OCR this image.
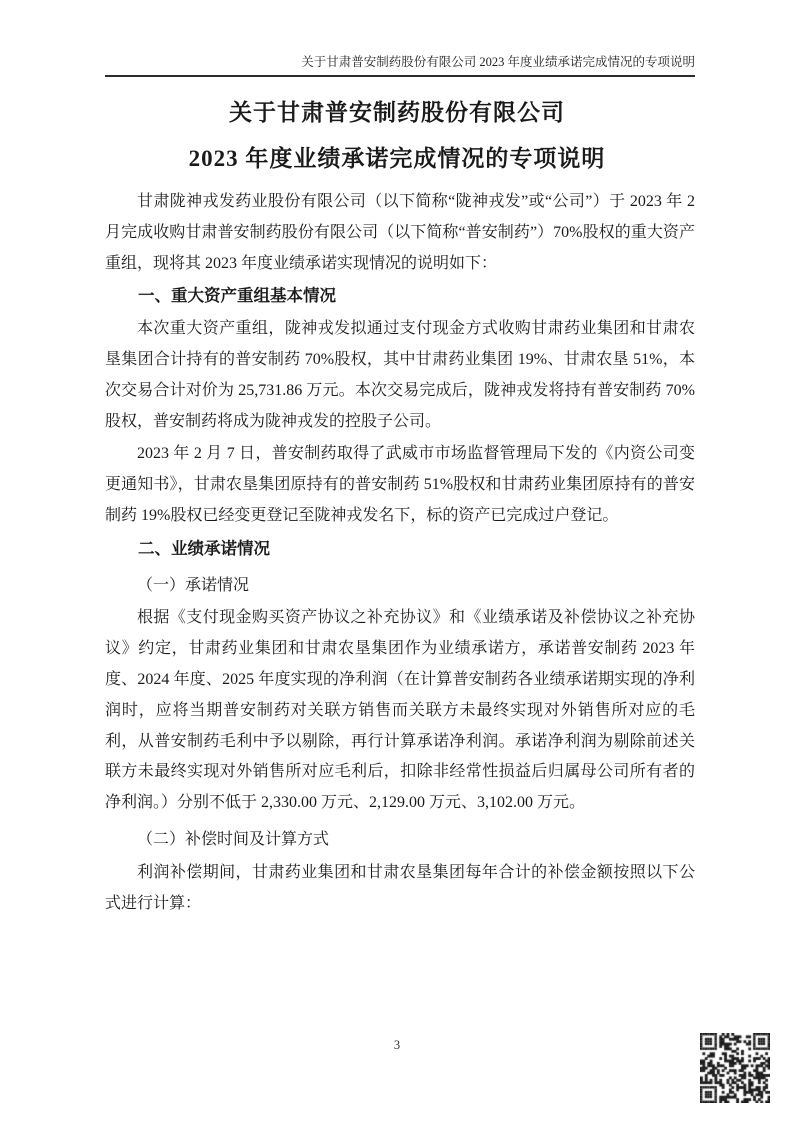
关于甘肃普安制药股份有限公司 2023 年度业绩承诺完成情况的专项说明
关于甘肃普安制药股份有限公司
2023 年度业绩承诺完成情况的专项说明

甘肃陇神戎发药业股份有限公司（以下简称“陇神戎发”或“公司”）于 2023 年 2 月完成收购甘肃普安制药股份有限公司（以下简称“普安制药”）70%股权的重大资产重组，现将其 2023 年度业绩承诺实现情况的说明如下：

一、重大资产重组基本情况

本次重大资产重组，陇神戎发拟通过支付现金方式收购甘肃药业集团和甘肃农垦集团合计持有的普安制药 70%股权，其中甘肃药业集团 19%、甘肃农垦 51%，本次交易合计对价为 25,731.86 万元。本次交易完成后，陇神戎发将持有普安制药 70%股权，普安制药将成为陇神戎发的控股子公司。

2023 年 2 月 7 日，普安制药取得了武威市市场监督管理局下发的《内资公司变更通知书》，甘肃农垦集团原持有的普安制药 51%股权和甘肃药业集团原持有的普安制药 19%股权已经变更登记至陇神戎发名下，标的资产已完成过户登记。

二、业绩承诺情况
（一）承诺情况

根据《支付现金购买资产协议之补充协议》和《业绩承诺及补偿协议之补充协议》约定，甘肃药业集团和甘肃农垦集团作为业绩承诺方，承诺普安制药 2023 年度、2024 年度、2025 年度实现的净利润（在计算普安制药各业绩承诺期实现的净利润时，应将当期普安制药对关联方销售而关联方未最终实现对外销售所对应的毛利，从普安制药毛利中予以剔除，再行计算承诺净利润。承诺净利润为剔除前述关联方未最终实现对外销售所对应毛利后，扣除非经常性损益后归属母公司所有者的净利润。）分别不低于 2,330.00 万元、2,129.00 万元、3,102.00 万元。

（二）补偿时间及计算方式

利润补偿期间，甘肃药业集团和甘肃农垦集团每年合计的补偿金额按照以下公式进行计算：

3
